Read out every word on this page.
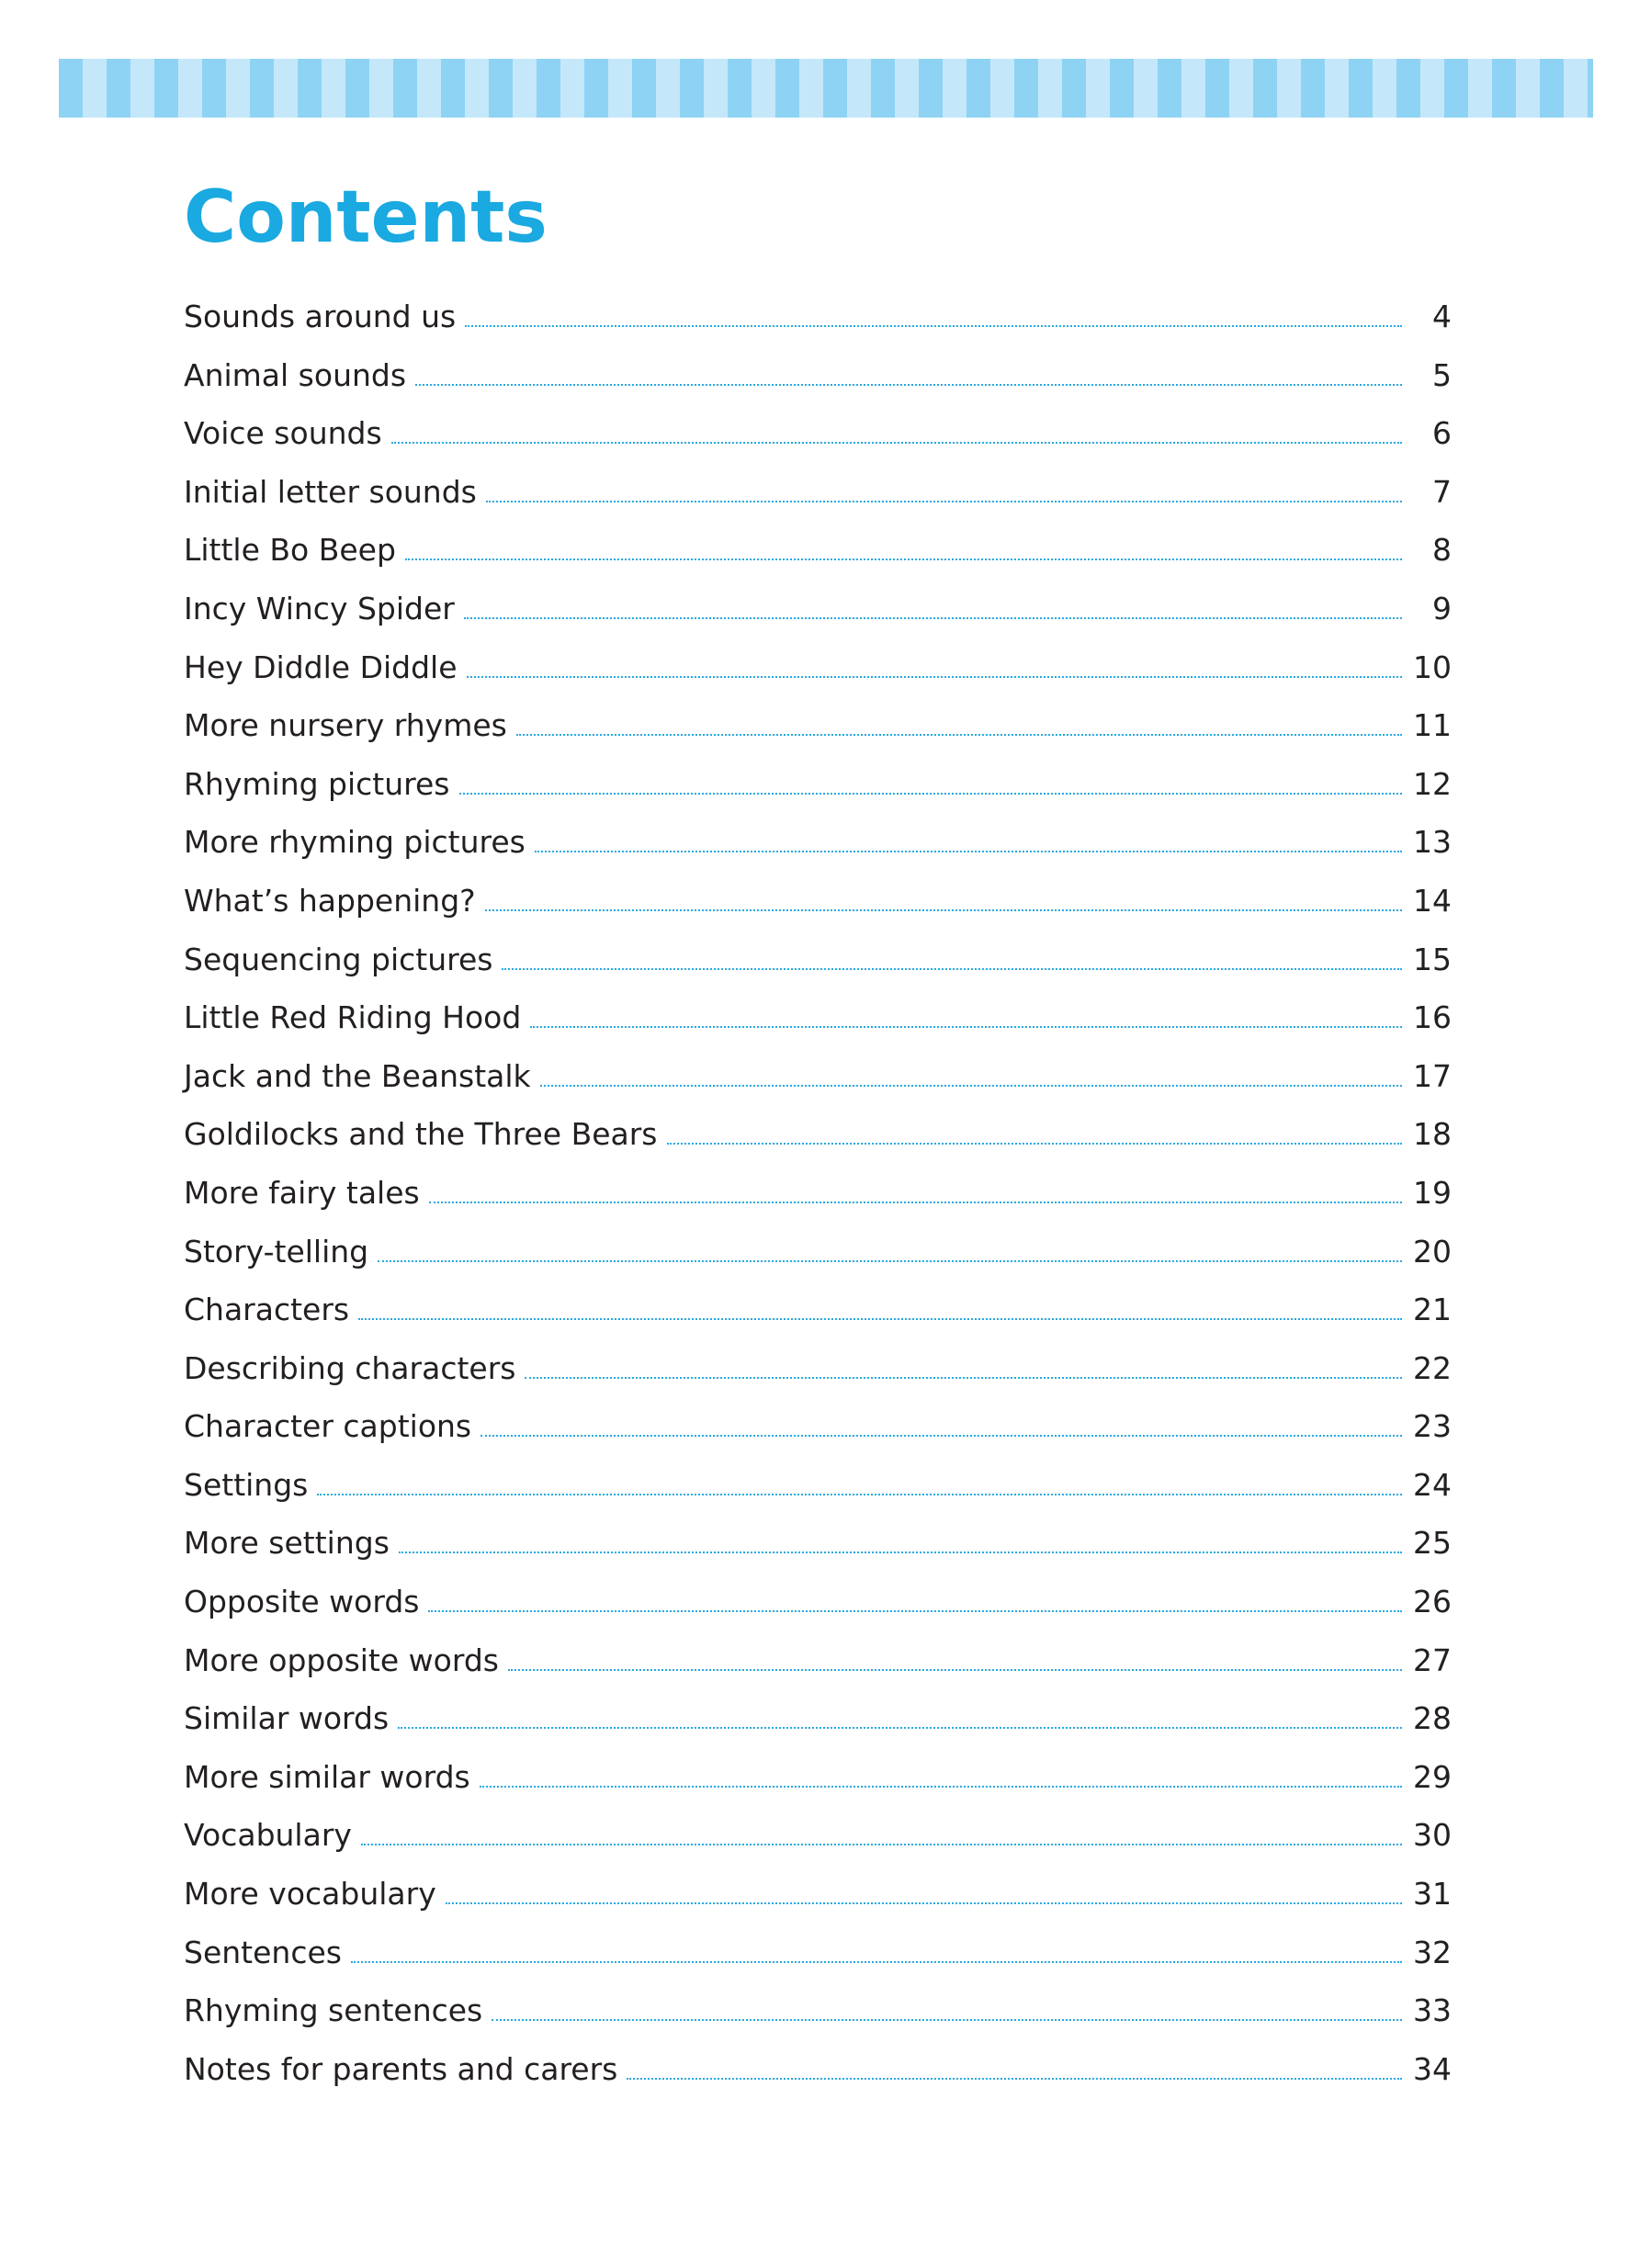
Contents
Sounds around us	4
Animal sounds	5
Voice sounds	6
Initial letter sounds	7
Little Bo Beep	8
Incy Wincy Spider	9
Hey Diddle Diddle	10
More nursery rhymes	11
Rhyming pictures	12
More rhyming pictures	13
What’s happening?	14
Sequencing pictures	15
Little Red Riding Hood	16
Jack and the Beanstalk	17
Goldilocks and the Three Bears	18
More fairy tales	19
Story-telling	20
Characters	21
Describing characters	22
Character captions	23
Settings	24
More settings	25
Opposite words	26
More opposite words	27
Similar words	28
More similar words	29
Vocabulary	30
More vocabulary	31
Sentences	32
Rhyming sentences	33
Notes for parents and carers	34
